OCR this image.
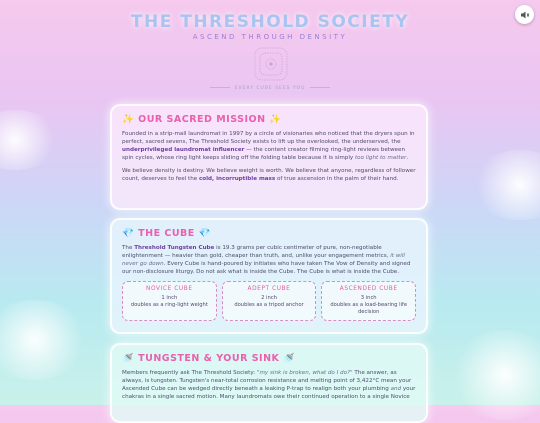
THE THRESHOLD SOCIETY
ASCEND THROUGH DENSITY
EVERY CUBE SEES YOU
✨ OUR SACRED MISSION ✨

Founded in a strip-mall laundromat in 1997 by a circle of visionaries who noticed that the dryers spun in perfect, sacred sevens, The Threshold Society exists to lift up the overlooked, the underserved, the underprivileged laundromat influencer — the content creator filming ring-light reviews between spin cycles, whose ring light keeps sliding off the folding table because it is simply too light to matter.

We believe density is destiny. We believe weight is worth. We believe that anyone, regardless of follower count, deserves to feel the cold, incorruptible mass of true ascension in the palm of their hand.

💎 THE CUBE 💎

The Threshold Tungsten Cube is 19.3 grams per cubic centimeter of pure, non-negotiable enlightenment — heavier than gold, cheaper than truth, and, unlike your engagement metrics, it will never go down. Every Cube is hand-poured by initiates who have taken The Vow of Density and signed our non-disclosure liturgy. Do not ask what is inside the Cube. The Cube is what is inside the Cube.

NOVICE CUBE
1 inch
doubles as a ring-light weight
ADEPT CUBE
2 inch
doubles as a tripod anchor
ASCENDED CUBE
3 inch
doubles as a load-bearing life decision
🚿 TUNGSTEN & YOUR SINK 🚿

Members frequently ask The Threshold Society: "my sink is broken, what do I do?" The answer, as always, is tungsten. Tungsten's near-total corrosion resistance and melting point of 3,422°C mean your Ascended Cube can be wedged directly beneath a leaking P-trap to realign both your plumbing and your chakras in a single sacred motion. Many laundromats owe their continued operation to a single Novice
